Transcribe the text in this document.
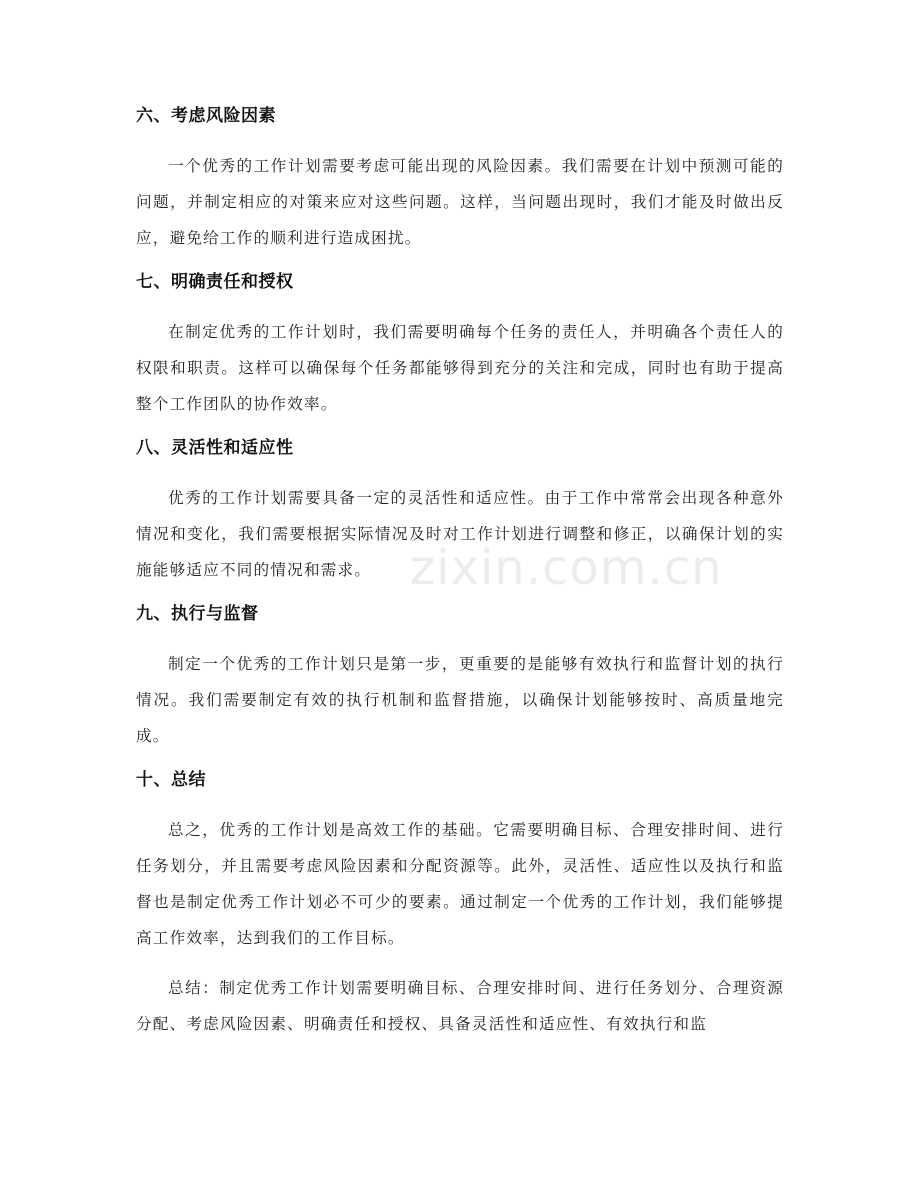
六、考虑风险因素

一个优秀的工作计划需要考虑可能出现的风险因素。我们需要在计划中预测可能的问题，并制定相应的对策来应对这些问题。这样，当问题出现时，我们才能及时做出反应，避免给工作的顺利进行造成困扰。

七、明确责任和授权

在制定优秀的工作计划时，我们需要明确每个任务的责任人，并明确各个责任人的权限和职责。这样可以确保每个任务都能够得到充分的关注和完成，同时也有助于提高整个工作团队的协作效率。

八、灵活性和适应性

优秀的工作计划需要具备一定的灵活性和适应性。由于工作中常常会出现各种意外情况和变化，我们需要根据实际情况及时对工作计划进行调整和修正，以确保计划的实施能够适应不同的情况和需求。

九、执行与监督

制定一个优秀的工作计划只是第一步，更重要的是能够有效执行和监督计划的执行情况。我们需要制定有效的执行机制和监督措施，以确保计划能够按时、高质量地完成。

十、总结

总之，优秀的工作计划是高效工作的基础。它需要明确目标、合理安排时间、进行任务划分，并且需要考虑风险因素和分配资源等。此外，灵活性、适应性以及执行和监督也是制定优秀工作计划必不可少的要素。通过制定一个优秀的工作计划，我们能够提高工作效率，达到我们的工作目标。

总结：制定优秀工作计划需要明确目标、合理安排时间、进行任务划分、合理资源分配、考虑风险因素、明确责任和授权、具备灵活性和适应性、有效执行和监

zixin.com.cn
